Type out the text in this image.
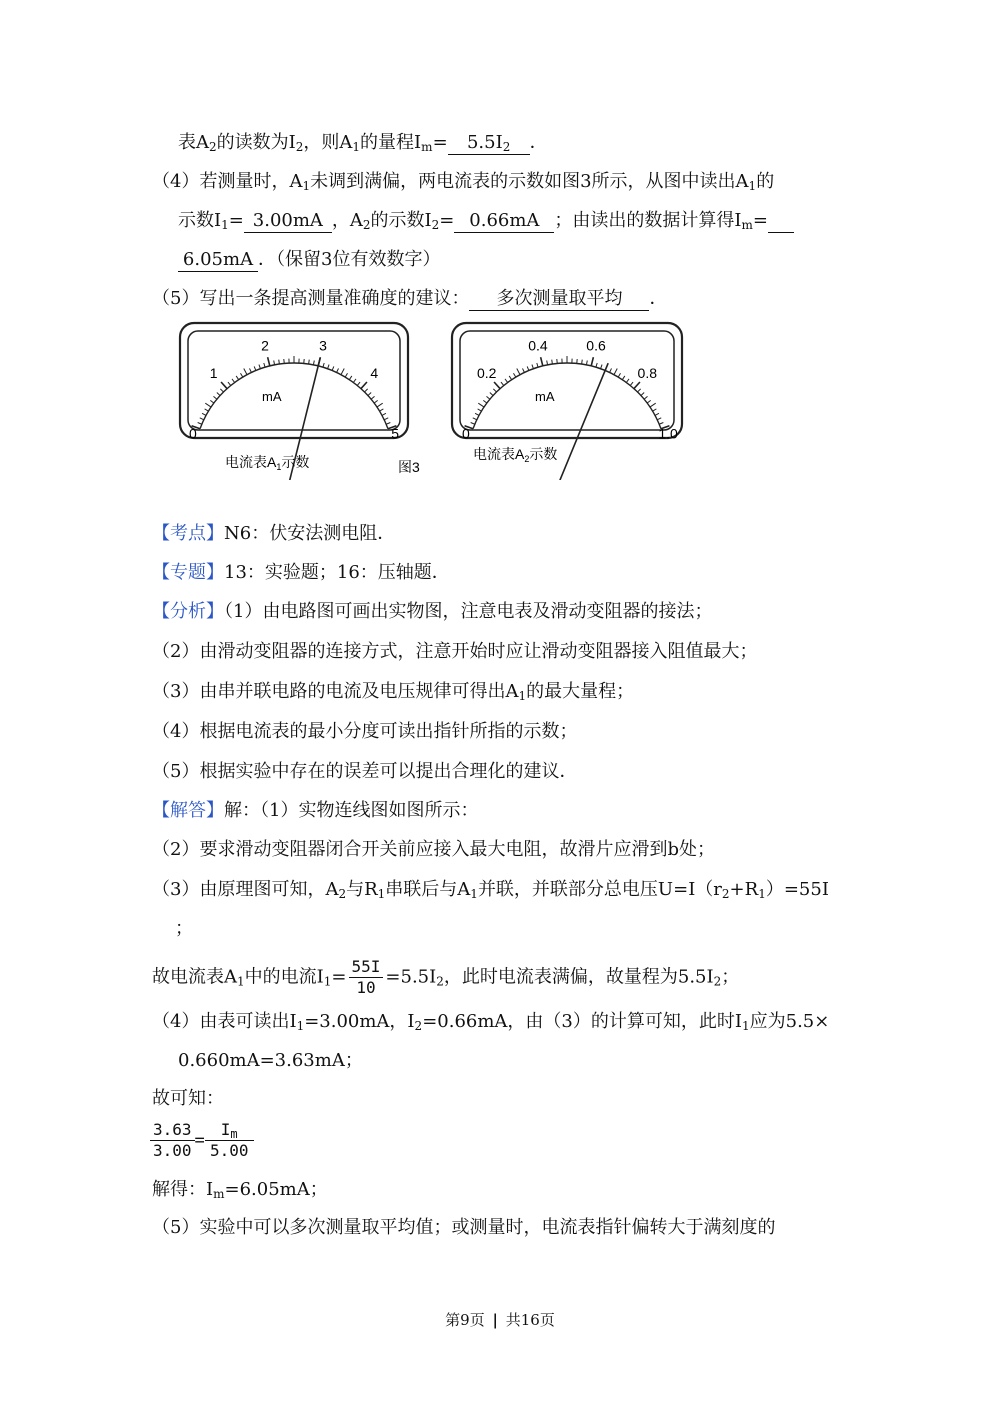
表$A_2$的读数为$I_2$，则$A_1$的量程$I_m= 5.5I_2$ ．
（4）若测量时，$A_1$未调到满偏，两电流表的示数如图3所示，从图中读出$A_1$的
示数$I_1= 3.00mA$ ，$A_2$的示数$I_2= 0.66mA$ ；由读出的数据计算得$I_m=$
6.05mA ．（保留3位有效数字）
（5）写出一条提高测量准确度的建议： 多次测量取平均 ．
0
1
2	3
4
5
mA
0
0.2
0.4	0.6
0.8
1.0
mA
电流表$A_1$示数	图3
电流表$A_2$示数
【考点】N6：伏安法测电阻．
【专题】13：实验题；16：压轴题．
【分析】（1）由电路图可画出实物图，注意电表及滑动变阻器的接法；
（2）由滑动变阻器的连接方式，注意开始时应让滑动变阻器接入阻值最大；
（3）由串并联电路的电流及电压规律可得出$A_1$的最大量程；
（4）根据电流表的最小分度可读出指针所指的示数；
（5）根据实验中存在的误差可以提出合理化的建议．
【解答】解：（1）实物连线图如图所示：
（2）要求滑动变阻器闭合开关前应接入最大电阻，故滑片应滑到b处；
（3）由原理图可知，$A_2$与$R_1$串联后与$A_1$并联，并联部分总电压$U=I(r_2+R_1)=55I$
；
故电流表$A_1$中的电流$I_1= \frac{55I}{10} =5.5I_2$，此时电流表满偏，故量程为$5.5I_2$；
（4）由表可读出$I_1=3.00mA$，$I_2=0.66mA$，由（3）的计算可知，此时$I_1$应为5.5×
0.660mA=3.63mA；
故可知：
$\frac{3.63}{3.00} = \frac{I_m}{5.00}$
解得：$I_m=6.05mA$；
（5）实验中可以多次测量取平均值；或测量时，电流表指针偏转大于满刻度的
第9页 | 共16页
